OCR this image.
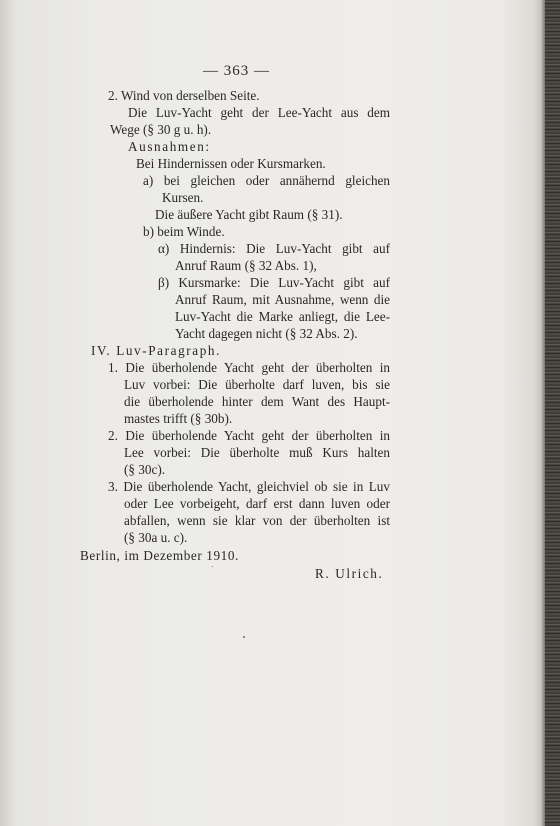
— 363 —
2. Wind von derselben Seite.
Die Luv-Yacht geht der Lee-Yacht aus dem
Wege (§ 30 g u. h).
Ausnahmen:
Bei Hindernissen oder Kursmarken.
a) bei gleichen oder annähernd gleichen
Kursen.
Die äußere Yacht gibt Raum (§ 31).
b) beim Winde.
α) Hindernis: Die Luv-Yacht gibt auf
Anruf Raum (§ 32 Abs. 1),
β) Kursmarke: Die Luv-Yacht gibt auf
Anruf Raum, mit Ausnahme, wenn die
Luv-Yacht die Marke anliegt, die Lee-
Yacht dagegen nicht (§ 32 Abs. 2).
IV. Luv-Paragraph.
1. Die überholende Yacht geht der überholten in
Luv vorbei: Die überholte darf luven, bis sie
die überholende hinter dem Want des Haupt-
mastes trifft (§ 30b).
2. Die überholende Yacht geht der überholten in
Lee vorbei: Die überholte muß Kurs halten
(§ 30c).
3. Die überholende Yacht, gleichviel ob sie in Luv
oder Lee vorbeigeht, darf erst dann luven oder
abfallen, wenn sie klar von der überholten ist
(§ 30a u. c).
Berlin, im Dezember 1910.
R. Ulrich.
